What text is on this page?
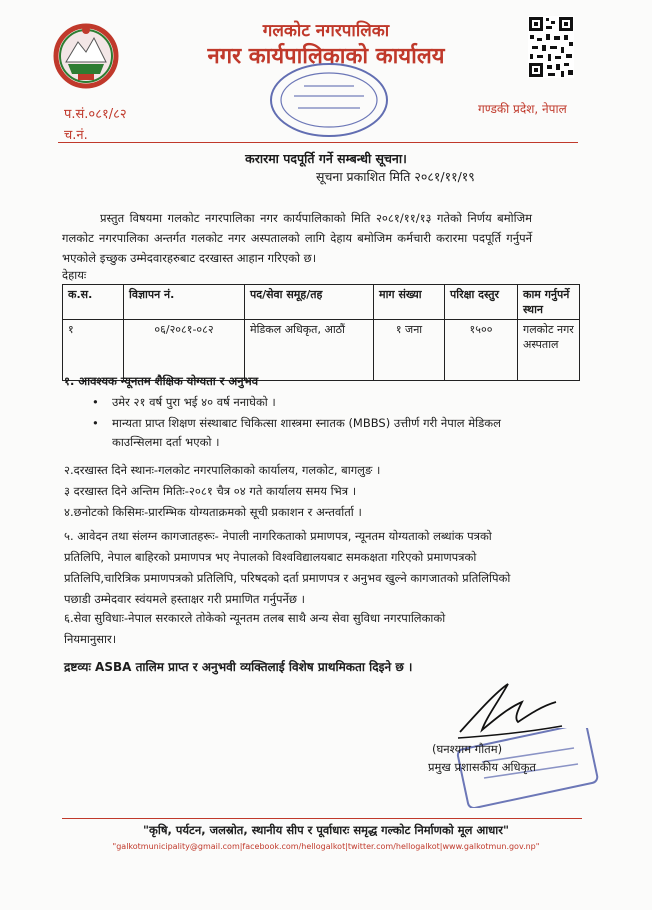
गलकोट नगरपालिका
नगर कार्यपालिकाको कार्यालय
प.सं.०८१/८२
च.नं.
गण्डकी प्रदेश, नेपाल
करारमा पदपूर्ति गर्ने सम्बन्धी सूचना।
सूचना प्रकाशित मिति २०८१/११/१९
प्रस्तुत विषयमा गलकोट नगरपालिका नगर कार्यपालिकाको मिति २०८१/११/१३ गतेको निर्णय बमोजिम गलकोट नगरपालिका अन्तर्गत गलकोट नगर अस्पतालको लागि देहाय बमोजिम कर्मचारी करारमा पदपूर्ति गर्नुपर्ने भएकोले इच्छुक उम्मेदवारहरुबाट दरखास्त आहान गरिएको छ।
देहायः
क.स.	विज्ञापन नं.	पद/सेवा समूह/तह	माग संख्या	परिक्षा दस्तुर	काम गर्नुपर्ने स्थान
१	०६/२०८१-०८२	मेडिकल अधिकृत, आठौं	१ जना	१५००	गलकोट नगर अस्पताल
१. आवश्यक न्यूनतम शैक्षिक योग्यता र अनुभव
•	उमेर २१ वर्ष पुरा भई ४० वर्ष ननाघेको ।
•	मान्यता प्राप्त शिक्षण संस्थाबाट चिकित्सा शास्त्रमा स्नातक (MBBS) उत्तीर्ण गरी नेपाल मेडिकल काउन्सिलमा दर्ता भएको ।
२.दरखास्त दिने स्थानः-गलकोट नगरपालिकाको कार्यालय, गलकोट, बागलुङ ।
३ दरखास्त दिने अन्तिम मितिः-२०८१ चैत्र ०४ गते कार्यालय समय भित्र ।
४.छनोटको किसिमः-प्रारम्भिक योग्यताक्रमको सूची प्रकाशन र अन्तर्वार्ता ।
५. आवेदन तथा संलग्न कागजातहरूः- नेपाली नागरिकताको प्रमाणपत्र, न्यूनतम योग्यताको लब्धांक पत्रको प्रतिलिपि, नेपाल बाहिरको प्रमाणपत्र भए नेपालको विश्वविद्यालयबाट समकक्षता गरिएको प्रमाणपत्रको प्रतिलिपि,चारित्रिक प्रमाणपत्रको प्रतिलिपि, परिषदको दर्ता प्रमाणपत्र र अनुभव खुल्ने कागजातको प्रतिलिपिको पछाडी उम्मेदवार स्वंयमले हस्ताक्षर गरी प्रमाणित गर्नुपर्नेछ ।
६.सेवा सुविधाः-नेपाल सरकारले तोकेको न्यूनतम तलब साथै अन्य सेवा सुविधा नगरपालिकाको नियमानुसार।
द्रष्टव्यः ASBA तालिम प्राप्त र अनुभवी व्यक्तिलाई विशेष प्राथमिकता दिइने छ ।
(घनश्याम गौतम)
प्रमुख प्रशासकीय अधिकृत
"कृषि, पर्यटन, जलस्रोत, स्थानीय सीप र पूर्वाधारः समृद्ध गल्कोट निर्माणको मूल आधार"
"galkotmunicipality@gmail.com|facebook.com/hellogalkot|twitter.com/hellogalkot|www.galkotmun.gov.np"
